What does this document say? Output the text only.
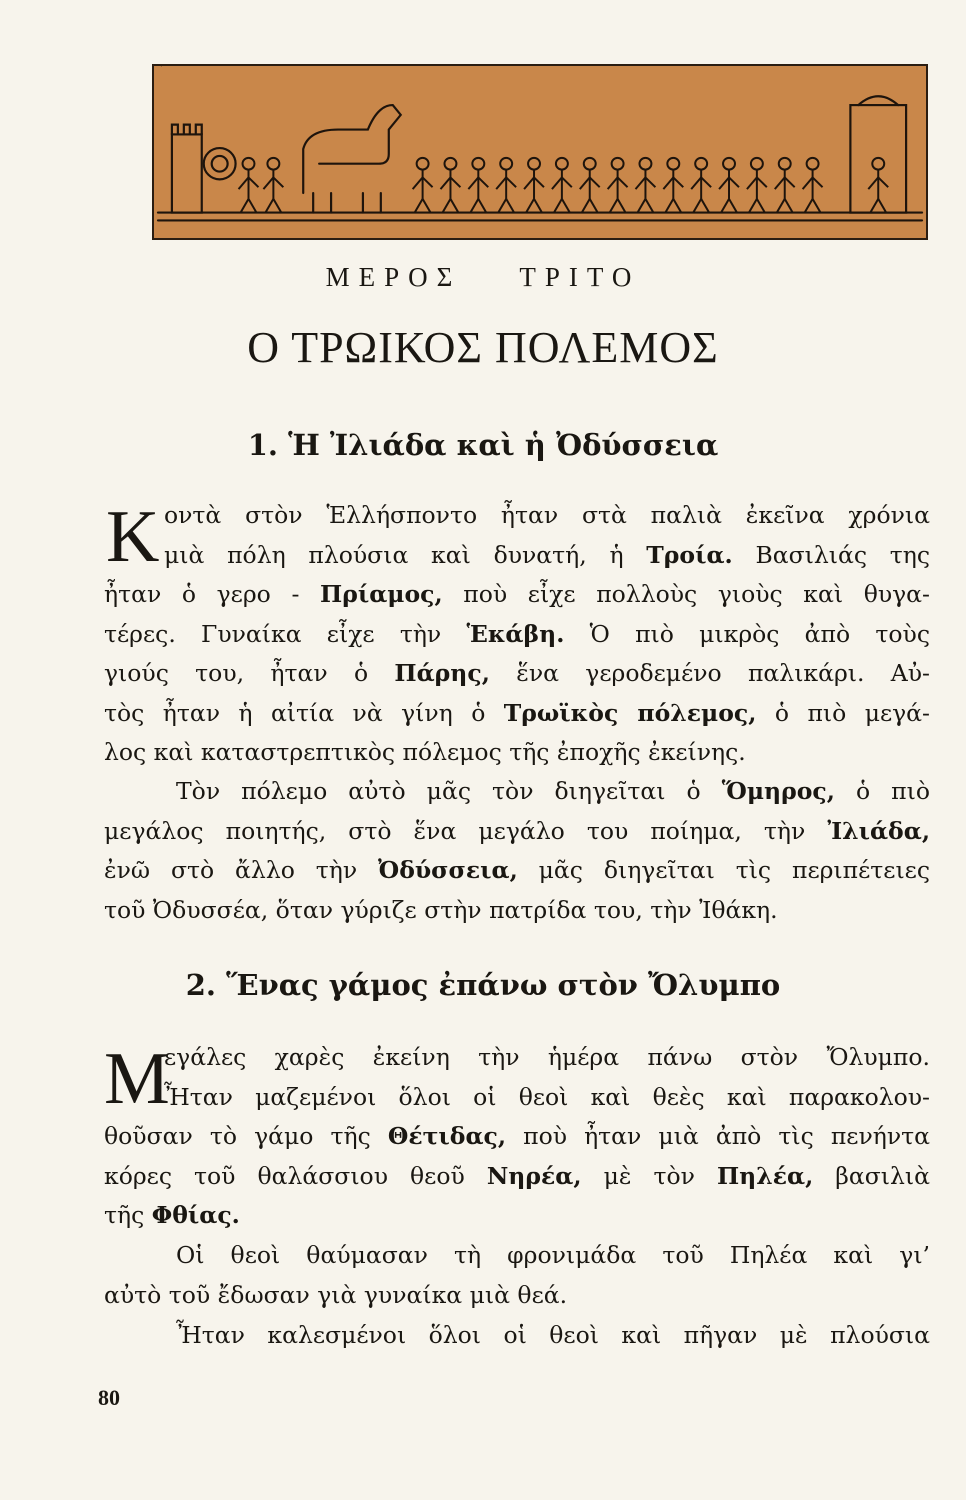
ΜΕΡΟΣ ΤΡΙΤΟ
Ο ΤΡΩΙΚΟΣ ΠΟΛΕΜΟΣ
1. Ἡ Ἰλιάδα καὶ ἡ Ὀδύσσεια
Κ οντὰ στὸν Ἑλλήσποντο ἦταν στὰ παλιὰ ἐκεῖνα χρόνια
μιὰ πόλη πλούσια καὶ δυνατή, ἡ Τροία. Βασιλιάς της
ἦταν ὁ γερο - Πρίαμος, ποὺ εἶχε πολλοὺς γιοὺς καὶ θυγα-
τέρες. Γυναίκα εἶχε τὴν Ἑκάβη. Ὁ πιὸ μικρὸς ἀπὸ τοὺς
γιούς του, ἦταν ὁ Πάρης, ἕνα γεροδεμένο παλικάρι. Αὐ-
τὸς ἦταν ἡ αἰτία νὰ γίνη ὁ Τρωϊκὸς πόλεμος, ὁ πιὸ μεγά-
λος καὶ καταστρεπτικὸς πόλεμος τῆς ἐποχῆς ἐκείνης.
Τὸν πόλεμο αὐτὸ μᾶς τὸν διηγεῖται ὁ Ὅμηρος, ὁ πιὸ
μεγάλος ποιητής, στὸ ἕνα μεγάλο του ποίημα, τὴν Ἰλιάδα,
ἐνῶ στὸ ἄλλο τὴν Ὀδύσσεια, μᾶς διηγεῖται τὶς περιπέτειες
τοῦ Ὀδυσσέα, ὅταν γύριζε στὴν πατρίδα του, τὴν Ἰθάκη.
2. Ἕνας γάμος ἐπάνω στὸν Ὄλυμπο
Μ
εγάλες χαρὲς ἐκείνη τὴν ἡμέρα πάνω στὸν Ὄλυμπο.
Ἦταν μαζεμένοι ὅλοι οἱ θεοὶ καὶ θεὲς καὶ παρακολου-
θοῦσαν τὸ γάμο τῆς Θέτιδας, ποὺ ἦταν μιὰ ἀπὸ τὶς πενήντα
κόρες τοῦ θαλάσσιου θεοῦ Νηρέα, μὲ τὸν Πηλέα, βασιλιὰ
τῆς Φθίας.
Οἱ θεοὶ θαύμασαν τὴ φρονιμάδα τοῦ Πηλέα καὶ γι’
αὐτὸ τοῦ ἔδωσαν γιὰ γυναίκα μιὰ θεά.
Ἦταν καλεσμένοι ὅλοι οἱ θεοὶ καὶ πῆγαν μὲ πλούσια
80
